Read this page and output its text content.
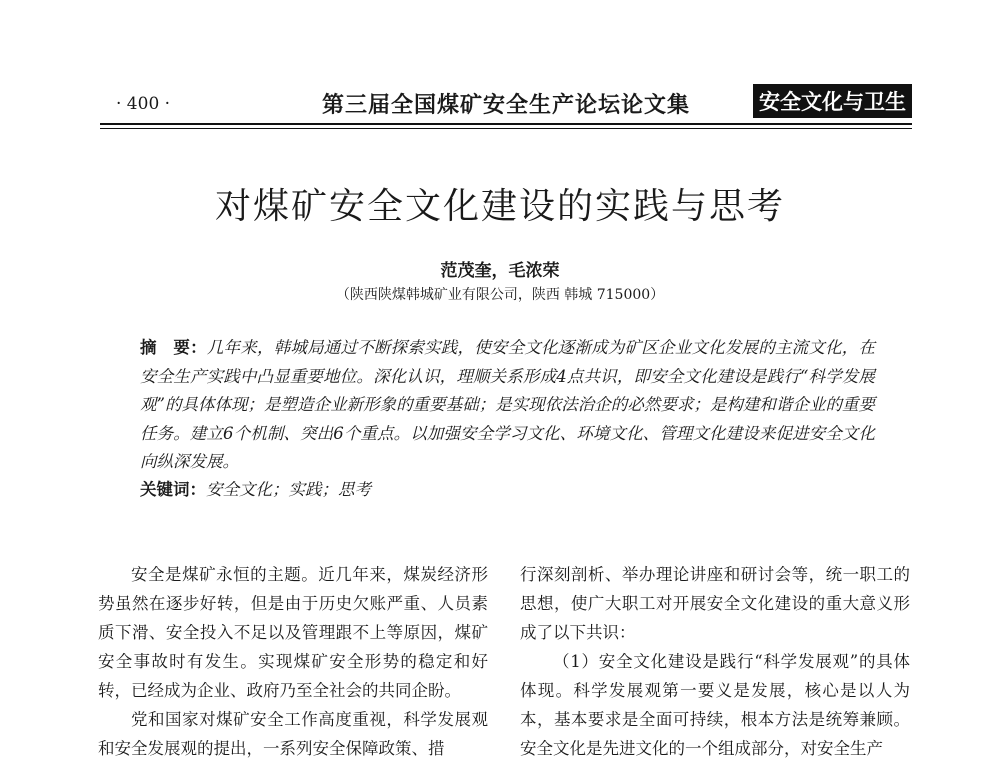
· 400 ·	第三届全国煤矿安全生产论坛论文集	安全文化与卫生
对煤矿安全文化建设的实践与思考
范茂奎，毛浓荣
（陕西陕煤韩城矿业有限公司，陕西 韩城 715000）
摘　要：几年来，韩城局通过不断探索实践，使安全文化逐渐成为矿区企业文化发展的主流文化，在安全生产实践中凸显重要地位。深化认识，理顺关系形成4点共识，即安全文化建设是践行“科学发展观”的具体体现；是塑造企业新形象的重要基础；是实现依法治企的必然要求；是构建和谐企业的重要任务。建立6个机制、突出6个重点。以加强安全学习文化、环境文化、管理文化建设来促进安全文化向纵深发展。
关键词：安全文化；实践；思考

安全是煤矿永恒的主题。近几年来，煤炭经济形势虽然在逐步好转，但是由于历史欠账严重、人员素质下滑、安全投入不足以及管理跟不上等原因，煤矿安全事故时有发生。实现煤矿安全形势的稳定和好转，已经成为企业、政府乃至全社会的共同企盼。

党和国家对煤矿安全工作高度重视，科学发展观和安全发展观的提出，一系列安全保障政策、措

行深刻剖析、举办理论讲座和研讨会等，统一职工的思想，使广大职工对开展安全文化建设的重大意义形成了以下共识：

（1）安全文化建设是践行“科学发展观”的具体体现。科学发展观第一要义是发展，核心是以人为本，基本要求是全面可持续，根本方法是统筹兼顾。安全文化是先进文化的一个组成部分，对安全生产
